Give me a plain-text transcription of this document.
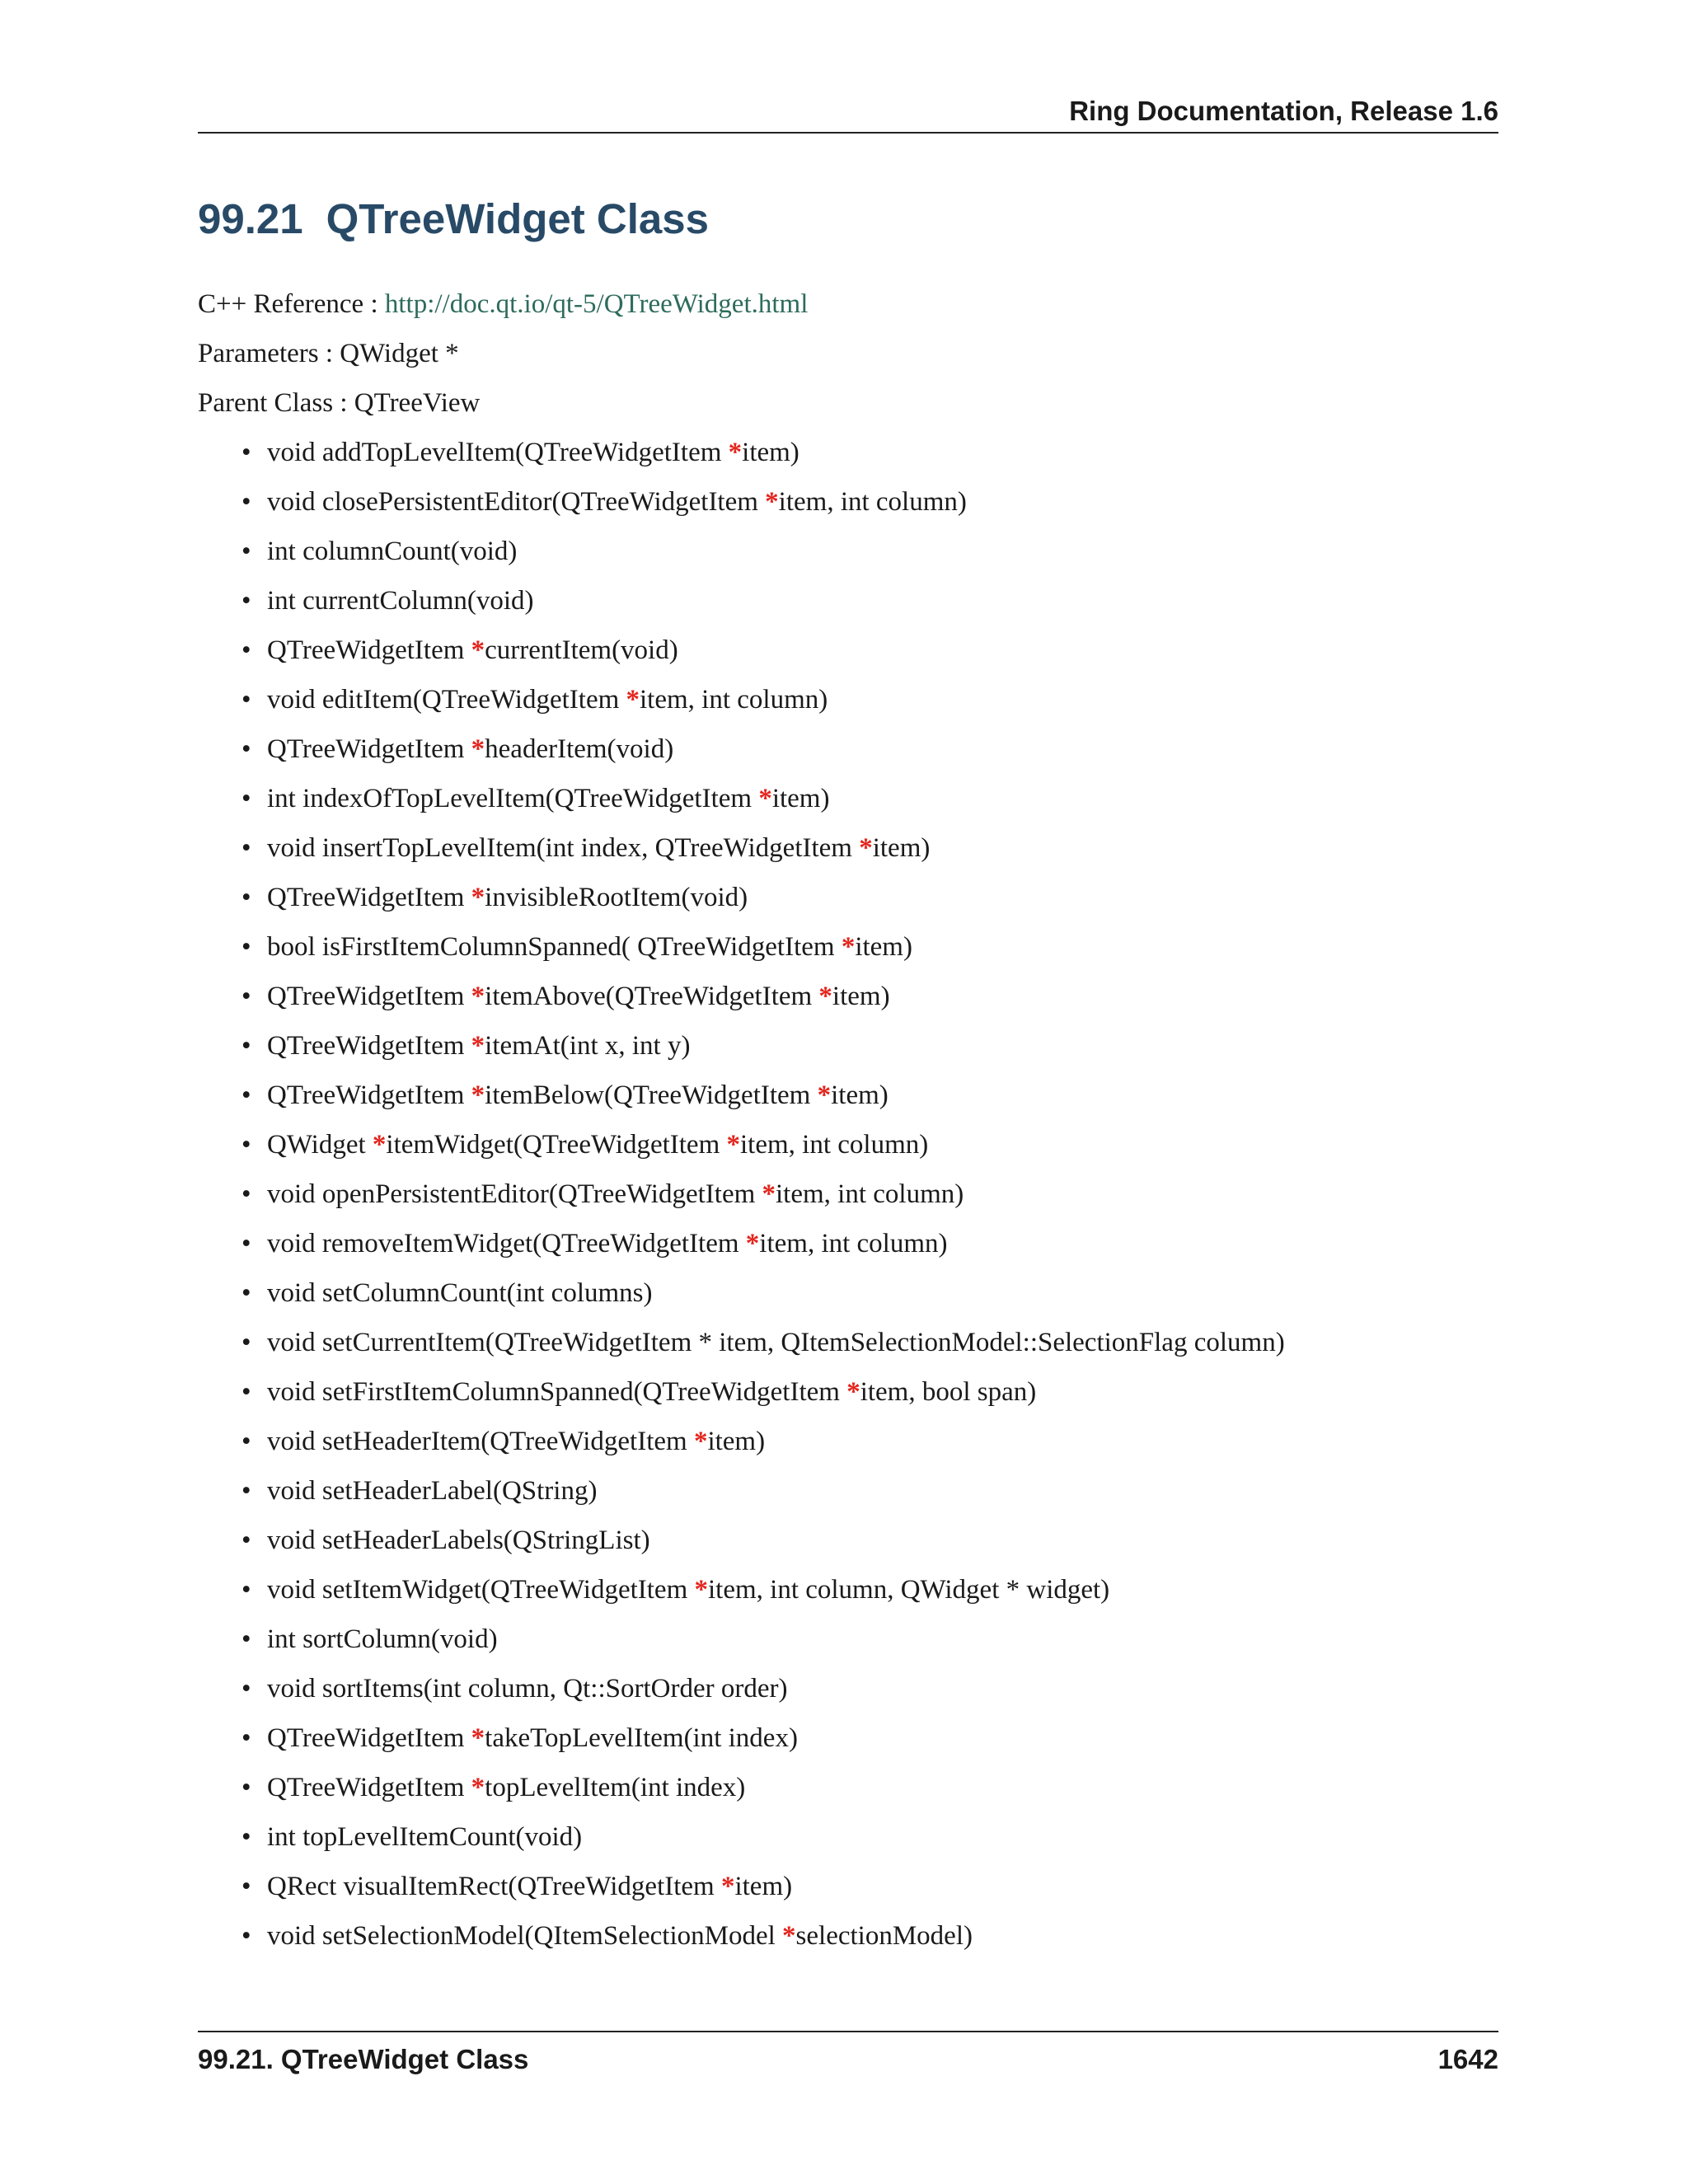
Ring Documentation, Release 1.6
99.21 QTreeWidget Class
C++ Reference : http://doc.qt.io/qt-5/QTreeWidget.html
Parameters : QWidget *
Parent Class : QTreeView
• void addTopLevelItem(QTreeWidgetItem *item)
• void closePersistentEditor(QTreeWidgetItem *item, int column)
• int columnCount(void)
• int currentColumn(void)
• QTreeWidgetItem *currentItem(void)
• void editItem(QTreeWidgetItem *item, int column)
• QTreeWidgetItem *headerItem(void)
• int indexOfTopLevelItem(QTreeWidgetItem *item)
• void insertTopLevelItem(int index, QTreeWidgetItem *item)
• QTreeWidgetItem *invisibleRootItem(void)
• bool isFirstItemColumnSpanned( QTreeWidgetItem *item)
• QTreeWidgetItem *itemAbove(QTreeWidgetItem *item)
• QTreeWidgetItem *itemAt(int x, int y)
• QTreeWidgetItem *itemBelow(QTreeWidgetItem *item)
• QWidget *itemWidget(QTreeWidgetItem *item, int column)
• void openPersistentEditor(QTreeWidgetItem *item, int column)
• void removeItemWidget(QTreeWidgetItem *item, int column)
• void setColumnCount(int columns)
• void setCurrentItem(QTreeWidgetItem * item, QItemSelectionModel::SelectionFlag column)
• void setFirstItemColumnSpanned(QTreeWidgetItem *item, bool span)
• void setHeaderItem(QTreeWidgetItem *item)
• void setHeaderLabel(QString)
• void setHeaderLabels(QStringList)
• void setItemWidget(QTreeWidgetItem *item, int column, QWidget * widget)
• int sortColumn(void)
• void sortItems(int column, Qt::SortOrder order)
• QTreeWidgetItem *takeTopLevelItem(int index)
• QTreeWidgetItem *topLevelItem(int index)
• int topLevelItemCount(void)
• QRect visualItemRect(QTreeWidgetItem *item)
• void setSelectionModel(QItemSelectionModel *selectionModel)
99.21. QTreeWidget Class	1642
